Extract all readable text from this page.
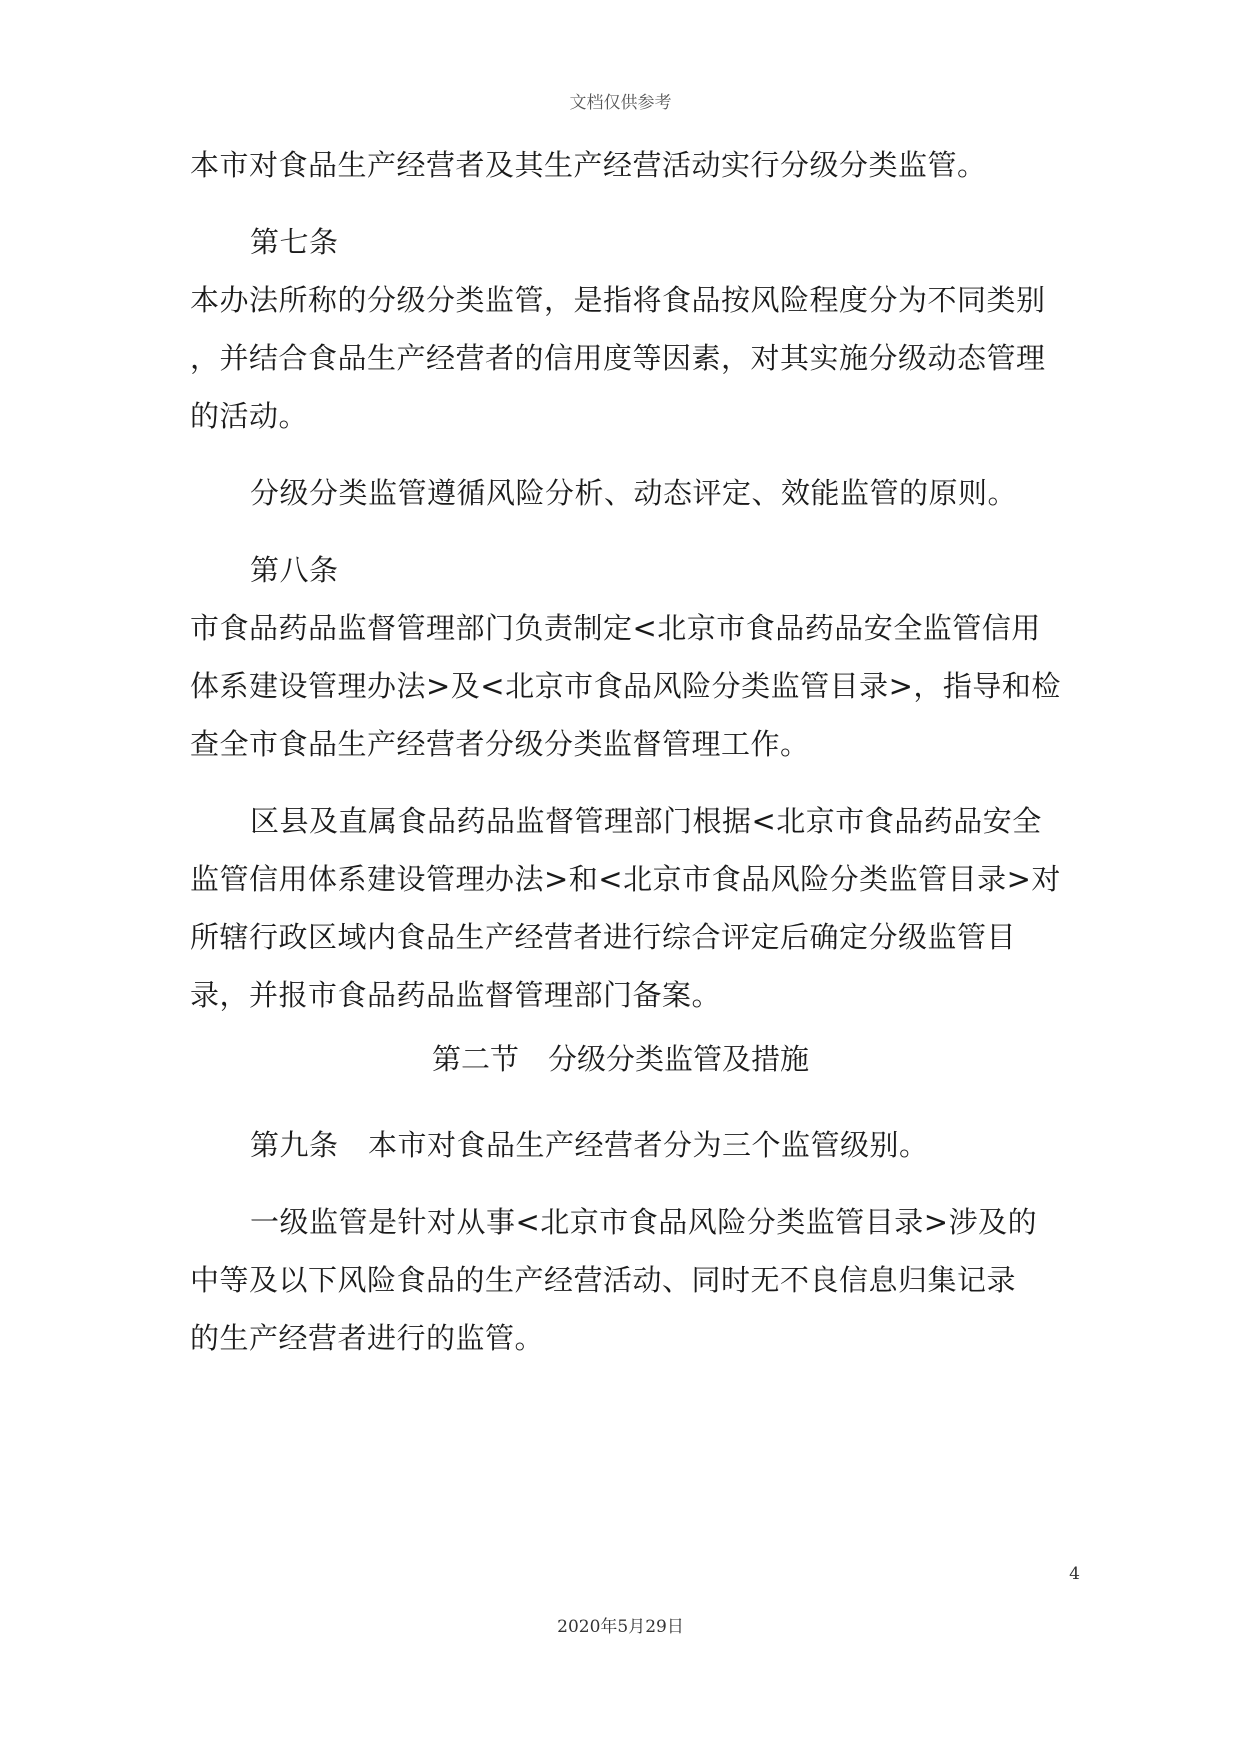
文档仅供参考
本市对食品生产经营者及其生产经营活动实行分级分类监管。
第七条
本办法所称的分级分类监管，是指将食品按风险程度分为不同类别
，并结合食品生产经营者的信用度等因素，对其实施分级动态管理
的活动。
分级分类监管遵循风险分析、动态评定、效能监管的原则。
第八条
市食品药品监督管理部门负责制定<北京市食品药品安全监管信用
体系建设管理办法>及<北京市食品风险分类监管目录>，指导和检
查全市食品生产经营者分级分类监督管理工作。
区县及直属食品药品监督管理部门根据<北京市食品药品安全
监管信用体系建设管理办法>和<北京市食品风险分类监管目录>对
所辖行政区域内食品生产经营者进行综合评定后确定分级监管目
录，并报市食品药品监督管理部门备案。
第二节　分级分类监管及措施
第九条　本市对食品生产经营者分为三个监管级别。
一级监管是针对从事<北京市食品风险分类监管目录>涉及的
中等及以下风险食品的生产经营活动、同时无不良信息归集记录
的生产经营者进行的监管。
4
2020年5月29日
